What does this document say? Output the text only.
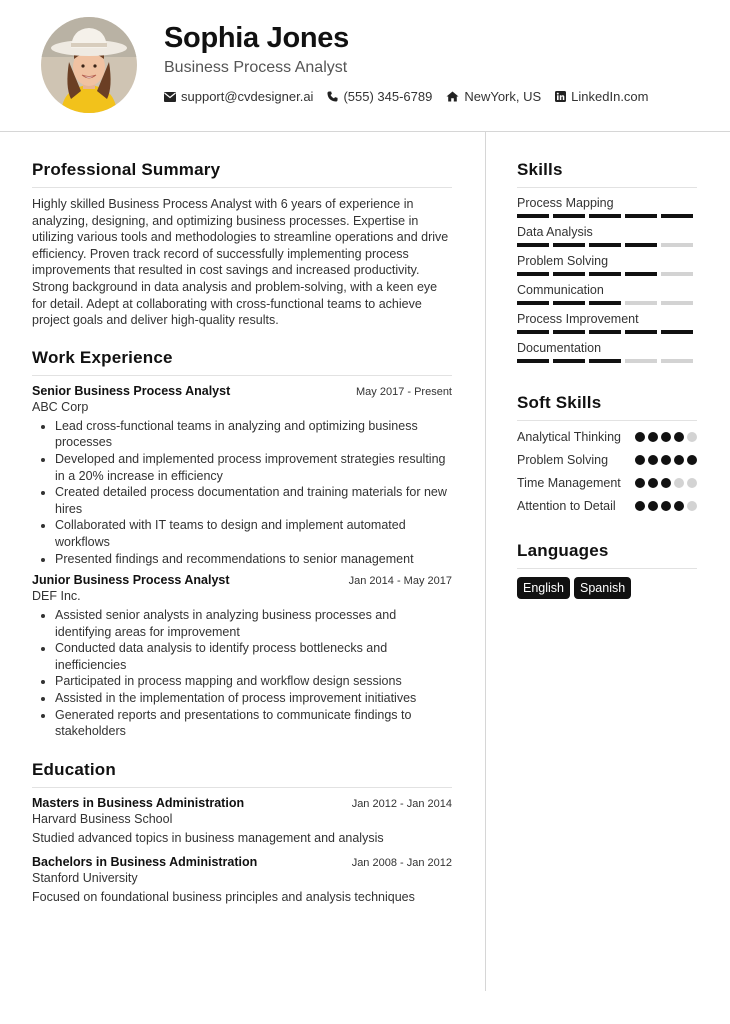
Sophia Jones
Business Process Analyst
support@cvdesigner.ai (555) 345-6789 NewYork, US LinkedIn.com
Professional Summary

Highly skilled Business Process Analyst with 6 years of experience in analyzing, designing, and optimizing business processes. Expertise in utilizing various tools and methodologies to streamline operations and drive efficiency. Proven track record of successfully implementing process improvements that resulted in cost savings and increased productivity. Strong background in data analysis and problem-solving, with a keen eye for detail. Adept at collaborating with cross-functional teams to achieve project goals and deliver high-quality results.

Work Experience
Senior Business Process Analyst	May 2017 - Present
ABC Corp
• Lead cross-functional teams in analyzing and optimizing business processes
• Developed and implemented process improvement strategies resulting in a 20% increase in efficiency
• Created detailed process documentation and training materials for new hires
• Collaborated with IT teams to design and implement automated workflows
• Presented findings and recommendations to senior management
Junior Business Process Analyst	Jan 2014 - May 2017
DEF Inc.
• Assisted senior analysts in analyzing business processes and identifying areas for improvement
• Conducted data analysis to identify process bottlenecks and inefficiencies
• Participated in process mapping and workflow design sessions
• Assisted in the implementation of process improvement initiatives
• Generated reports and presentations to communicate findings to stakeholders
Education
Masters in Business Administration	Jan 2012 - Jan 2014
Harvard Business School
Studied advanced topics in business management and analysis
Bachelors in Business Administration	Jan 2008 - Jan 2012
Stanford University
Focused on foundational business principles and analysis techniques
Skills
Process Mapping
Data Analysis
Problem Solving
Communication
Process Improvement
Documentation
Soft Skills
Analytical Thinking
Problem Solving
Time Management
Attention to Detail
Languages
English	Spanish
